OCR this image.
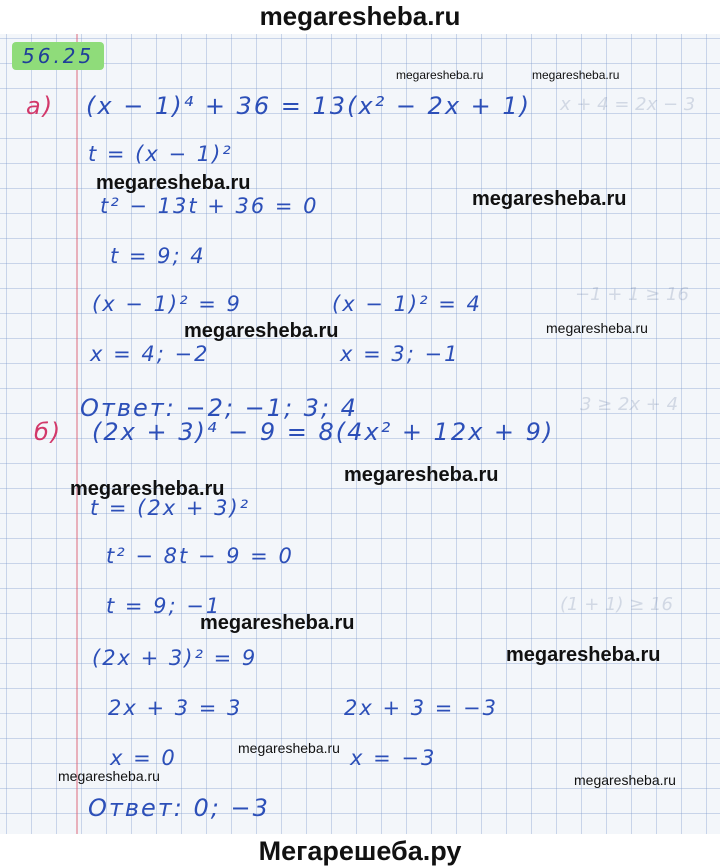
megaresheba.ru
x + 4 = 2x − 3
−1 + 1 ≥ 16
3 ≥ 2x + 4
(1 + 1) ≥ 16
56.25
а) (x − 1)⁴ + 36 = 13(x² − 2x + 1)
t = (x − 1)²
t² − 13t + 36 = 0
t = 9; 4
(x − 1)² = 9	(x − 1)² = 4
x = 4; −2	x = 3; −1
Ответ: −2; −1; 3; 4
б) (2x + 3)⁴ − 9 = 8(4x² + 12x + 9)
t = (2x + 3)²
t² − 8t − 9 = 0
t = 9; −1
(2x + 3)² = 9
2x + 3 = 3	2x + 3 = −3
x = 0	x = −3
Ответ: 0; −3
megaresheba.ru	megaresheba.ru
megaresheba.ru
megaresheba.ru
megaresheba.ru	megaresheba.ru
megaresheba.ru
megaresheba.ru
megaresheba.ru
megaresheba.ru
megaresheba.ru
megaresheba.ru	megaresheba.ru
Мегарешеба.ру
